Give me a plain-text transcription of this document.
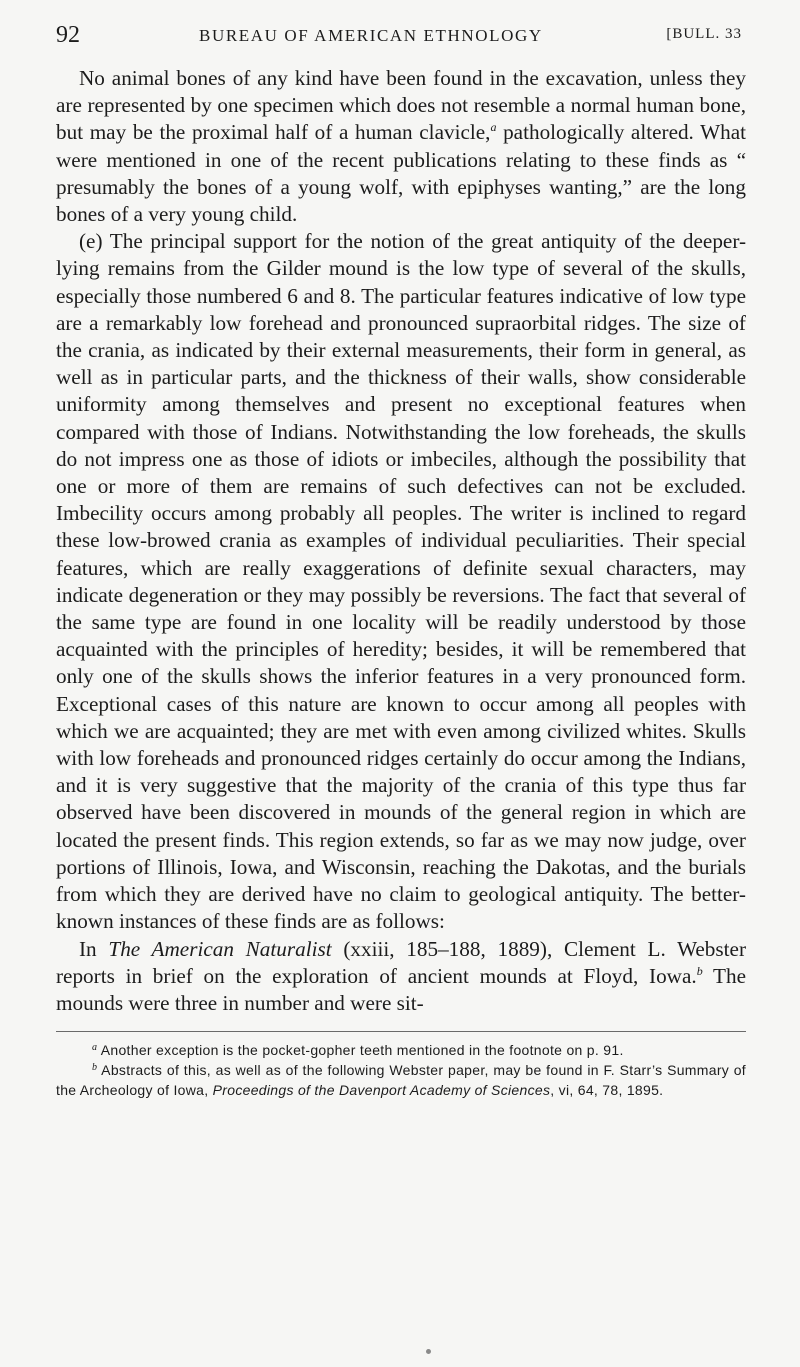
92	BUREAU OF AMERICAN ETHNOLOGY	[BULL. 33

No animal bones of any kind have been found in the excavation, unless they are represented by one specimen which does not resemble a normal human bone, but may be the proximal half of a human clavicle,$^a$ pathologically altered. What were mentioned in one of the recent publications relating to these finds as “ presumably the bones of a young wolf, with epiphyses wanting,” are the long bones of a very young child.

(e) The principal support for the notion of the great antiquity of the deeper-lying remains from the Gilder mound is the low type of several of the skulls, especially those numbered 6 and 8. The particular features indicative of low type are a remarkably low forehead and pronounced supraorbital ridges. The size of the crania, as indicated by their external measurements, their form in general, as well as in particular parts, and the thickness of their walls, show considerable uniformity among themselves and present no exceptional features when compared with those of Indians. Notwithstanding the low foreheads, the skulls do not impress one as those of idiots or imbeciles, although the possibility that one or more of them are remains of such defectives can not be excluded. Imbecility occurs among probably all peoples. The writer is inclined to regard these low-browed crania as examples of individual peculiarities. Their special features, which are really exaggerations of definite sexual characters, may indicate degeneration or they may possibly be reversions. The fact that several of the same type are found in one locality will be readily understood by those acquainted with the principles of heredity; besides, it will be remembered that only one of the skulls shows the inferior features in a very pronounced form. Exceptional cases of this nature are known to occur among all peoples with which we are acquainted; they are met with even among civilized whites. Skulls with low foreheads and pronounced ridges certainly do occur among the Indians, and it is very suggestive that the majority of the crania of this type thus far observed have been discovered in mounds of the general region in which are located the present finds. This region extends, so far as we may now judge, over portions of Illinois, Iowa, and Wisconsin, reaching the Dakotas, and the burials from which they are derived have no claim to geological antiquity. The better-known instances of these finds are as follows:

In The American Naturalist (xxiii, 185–188, 1889), Clement L. Webster reports in brief on the exploration of ancient mounds at Floyd, Iowa.$^b$ The mounds were three in number and were sit-

$^a$ Another exception is the pocket-gopher teeth mentioned in the footnote on p. 91.

$^b$ Abstracts of this, as well as of the following Webster paper, may be found in F. Starr’s Summary of the Archeology of Iowa, Proceedings of the Davenport Academy of Sciences, vi, 64, 78, 1895.
